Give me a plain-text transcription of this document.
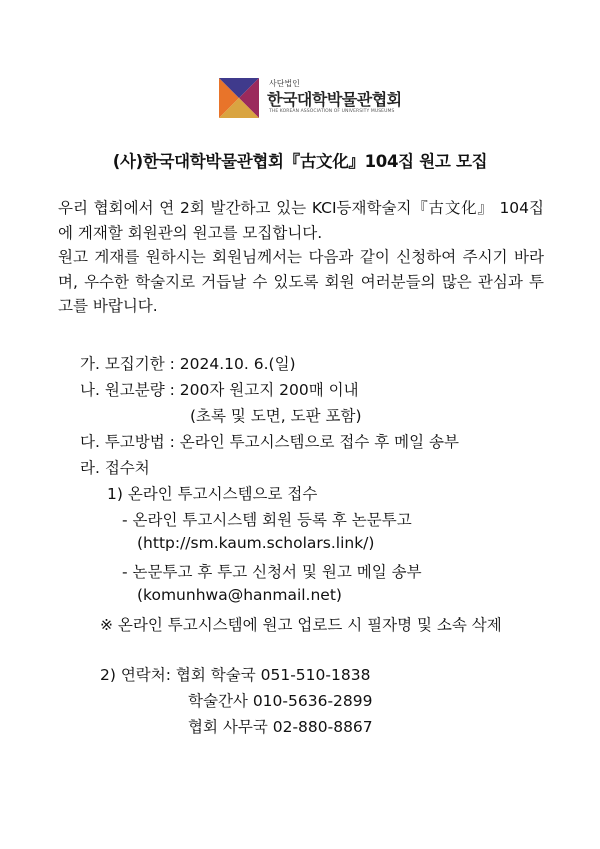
사단법인
한국대학박물관협회
THE KOREAN ASSOCIATION OF UNIVERSITY MUSEUMS
(사)한국대학박물관협회『古文化』104집 원고 모집

우리 협회에서 연 2회 발간하고 있는 KCI등재학술지『古文化』 104집에 게재할 회원관의 원고를 모집합니다.

원고 게재를 원하시는 회원님께서는 다음과 같이 신청하여 주시기 바라며, 우수한 학술지로 거듭날 수 있도록 회원 여러분들의 많은 관심과 투고를 바랍니다.

가. 모집기한 : 2024.10. 6.(일)
나. 원고분량 : 200자 원고지 200매 이내
(초록 및 도면, 도판 포함)
다. 투고방법 : 온라인 투고시스템으로 접수 후 메일 송부
라. 접수처
1) 온라인 투고시스템으로 접수
- 온라인 투고시스템 회원 등록 후 논문투고
(http://sm.kaum.scholars.link/)
- 논문투고 후 투고 신청서 및 원고 메일 송부
(komunhwa@hanmail.net)
※ 온라인 투고시스템에 원고 업로드 시 필자명 및 소속 삭제
2) 연락처: 협회 학술국 051-510-1838
학술간사 010-5636-2899
협회 사무국 02-880-8867
